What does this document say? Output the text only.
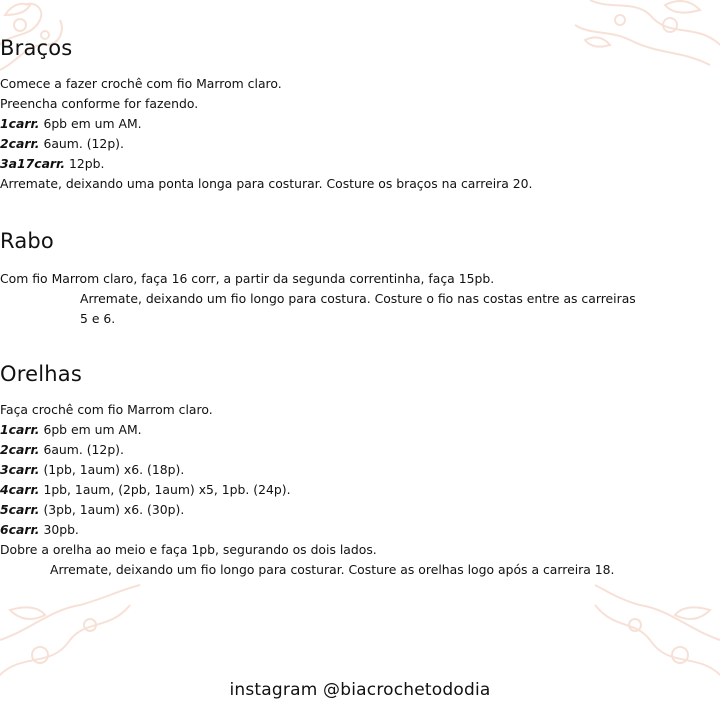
Braços

Comece a fazer crochê com fio Marrom claro.

Preencha conforme for fazendo.

1carr. 6pb em um AM.

2carr. 6aum. (12p).

3a17carr. 12pb.

Arremate, deixando uma ponta longa para costurar. Costure os braços na carreira 20.

Rabo

Com fio Marrom claro, faça 16 corr, a partir da segunda correntinha, faça 15pb.

Arremate, deixando um fio longo para costura. Costure o fio nas costas entre as carreiras 5 e 6.

Orelhas

Faça crochê com fio Marrom claro.

1carr. 6pb em um AM.

2carr. 6aum. (12p).

3carr. (1pb, 1aum) x6. (18p).

4carr. 1pb, 1aum, (2pb, 1aum) x5, 1pb. (24p).

5carr. (3pb, 1aum) x6. (30p).

6carr. 30pb.

Dobre a orelha ao meio e faça 1pb, segurando os dois lados.

Arremate, deixando um fio longo para costurar. Costure as orelhas logo após a carreira 18.

instagram @biacrochetododia
